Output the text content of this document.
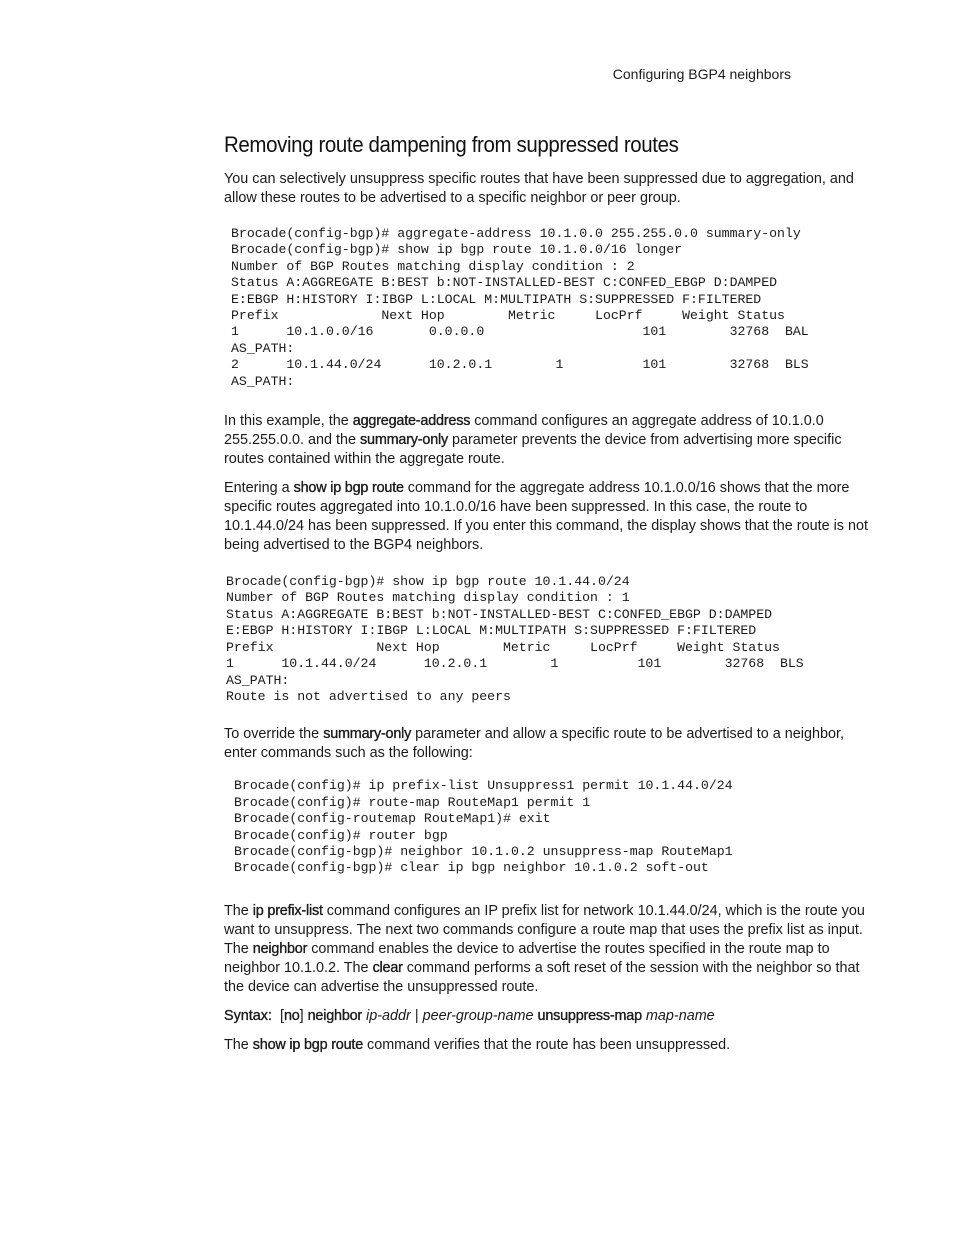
Configuring BGP4 neighbors
Removing route dampening from suppressed routes

You can selectively unsuppress specific routes that have been suppressed due to aggregation, and allow these routes to be advertised to a specific neighbor or peer group.

Brocade(config-bgp)# aggregate-address 10.1.0.0 255.255.0.0 summary-only
Brocade(config-bgp)# show ip bgp route 10.1.0.0/16 longer
Number of BGP Routes matching display condition : 2
Status A:AGGREGATE B:BEST b:NOT-INSTALLED-BEST C:CONFED_EBGP D:DAMPED
E:EBGP H:HISTORY I:IBGP L:LOCAL M:MULTIPATH S:SUPPRESSED F:FILTERED
Prefix             Next Hop        Metric     LocPrf     Weight Status
1      10.1.0.0/16       0.0.0.0                    101        32768  BAL
AS_PATH:
2      10.1.44.0/24      10.2.0.1        1          101        32768  BLS
AS_PATH:

In this example, the aggregate-address command configures an aggregate address of 10.1.0.0 255.255.0.0. and the summary-only parameter prevents the device from advertising more specific routes contained within the aggregate route.

Entering a show ip bgp route command for the aggregate address 10.1.0.0/16 shows that the more specific routes aggregated into 10.1.0.0/16 have been suppressed. In this case, the route to 10.1.44.0/24 has been suppressed. If you enter this command, the display shows that the route is not being advertised to the BGP4 neighbors.

Brocade(config-bgp)# show ip bgp route 10.1.44.0/24
Number of BGP Routes matching display condition : 1
Status A:AGGREGATE B:BEST b:NOT-INSTALLED-BEST C:CONFED_EBGP D:DAMPED
E:EBGP H:HISTORY I:IBGP L:LOCAL M:MULTIPATH S:SUPPRESSED F:FILTERED
Prefix             Next Hop        Metric     LocPrf     Weight Status
1      10.1.44.0/24      10.2.0.1        1          101        32768  BLS
AS_PATH:
Route is not advertised to any peers

To override the summary-only parameter and allow a specific route to be advertised to a neighbor, enter commands such as the following:

Brocade(config)# ip prefix-list Unsuppress1 permit 10.1.44.0/24
Brocade(config)# route-map RouteMap1 permit 1
Brocade(config-routemap RouteMap1)# exit
Brocade(config)# router bgp
Brocade(config-bgp)# neighbor 10.1.0.2 unsuppress-map RouteMap1
Brocade(config-bgp)# clear ip bgp neighbor 10.1.0.2 soft-out

The ip prefix-list command configures an IP prefix list for network 10.1.44.0/24, which is the route you want to unsuppress. The next two commands configure a route map that uses the prefix list as input. The neighbor command enables the device to advertise the routes specified in the route map to neighbor 10.1.0.2. The clear command performs a soft reset of the session with the neighbor so that the device can advertise the unsuppressed route.

Syntax:  [no] neighbor ip-addr | peer-group-name unsuppress-map map-name

The show ip bgp route command verifies that the route has been unsuppressed.
